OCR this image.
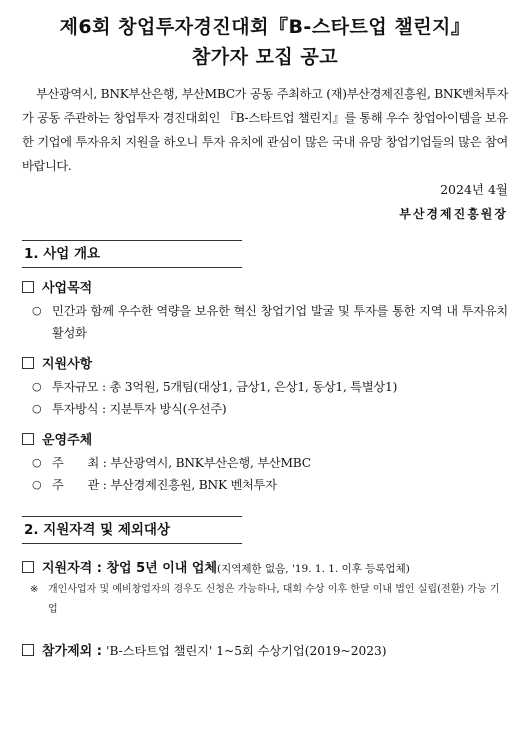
제6회 창업투자경진대회『B-스타트업 챌린지』
참가자 모집 공고
부산광역시, BNK부산은행, 부산MBC가 공동 주최하고 (재)부산경제진흥원, BNK벤처투자가 공동 주관하는 창업투자 경진대회인 『B-스타트업 챌린지』를 통해 우수 창업아이템을 보유한 기업에 투자유치 지원을 하오니 투자 유치에 관심이 많은 국내 유망 창업기업들의 많은 참여 바랍니다.
2024년 4월
부산경제진흥원장
1. 사업 개요
사업목적
○ 민간과 함께 우수한 역량을 보유한 혁신 창업기업 발굴 및 투자를 통한 지역 내 투자유치 활성화
지원사항
○ 투자규모 : 총 3억원, 5개팀(대상1, 금상1, 은상1, 동상1, 특별상1)
○ 투자방식 : 지분투자 방식(우선주)
운영주체
○ 주　　최 : 부산광역시, BNK부산은행, 부산MBC
○ 주　　관 : 부산경제진흥원, BNK 벤처투자
2. 지원자격 및 제외대상
지원자격 : 창업 5년 이내 업체(지역제한 없음, '19. 1. 1. 이후 등록업체)
※ 개인사업자 및 예비창업자의 경우도 신청은 가능하나, 대회 수상 이후 한달 이내 법인 실립(전환) 가능 기업
참가제외 : 'B-스타트업 챌린지' 1~5회 수상기업(2019~2023)
